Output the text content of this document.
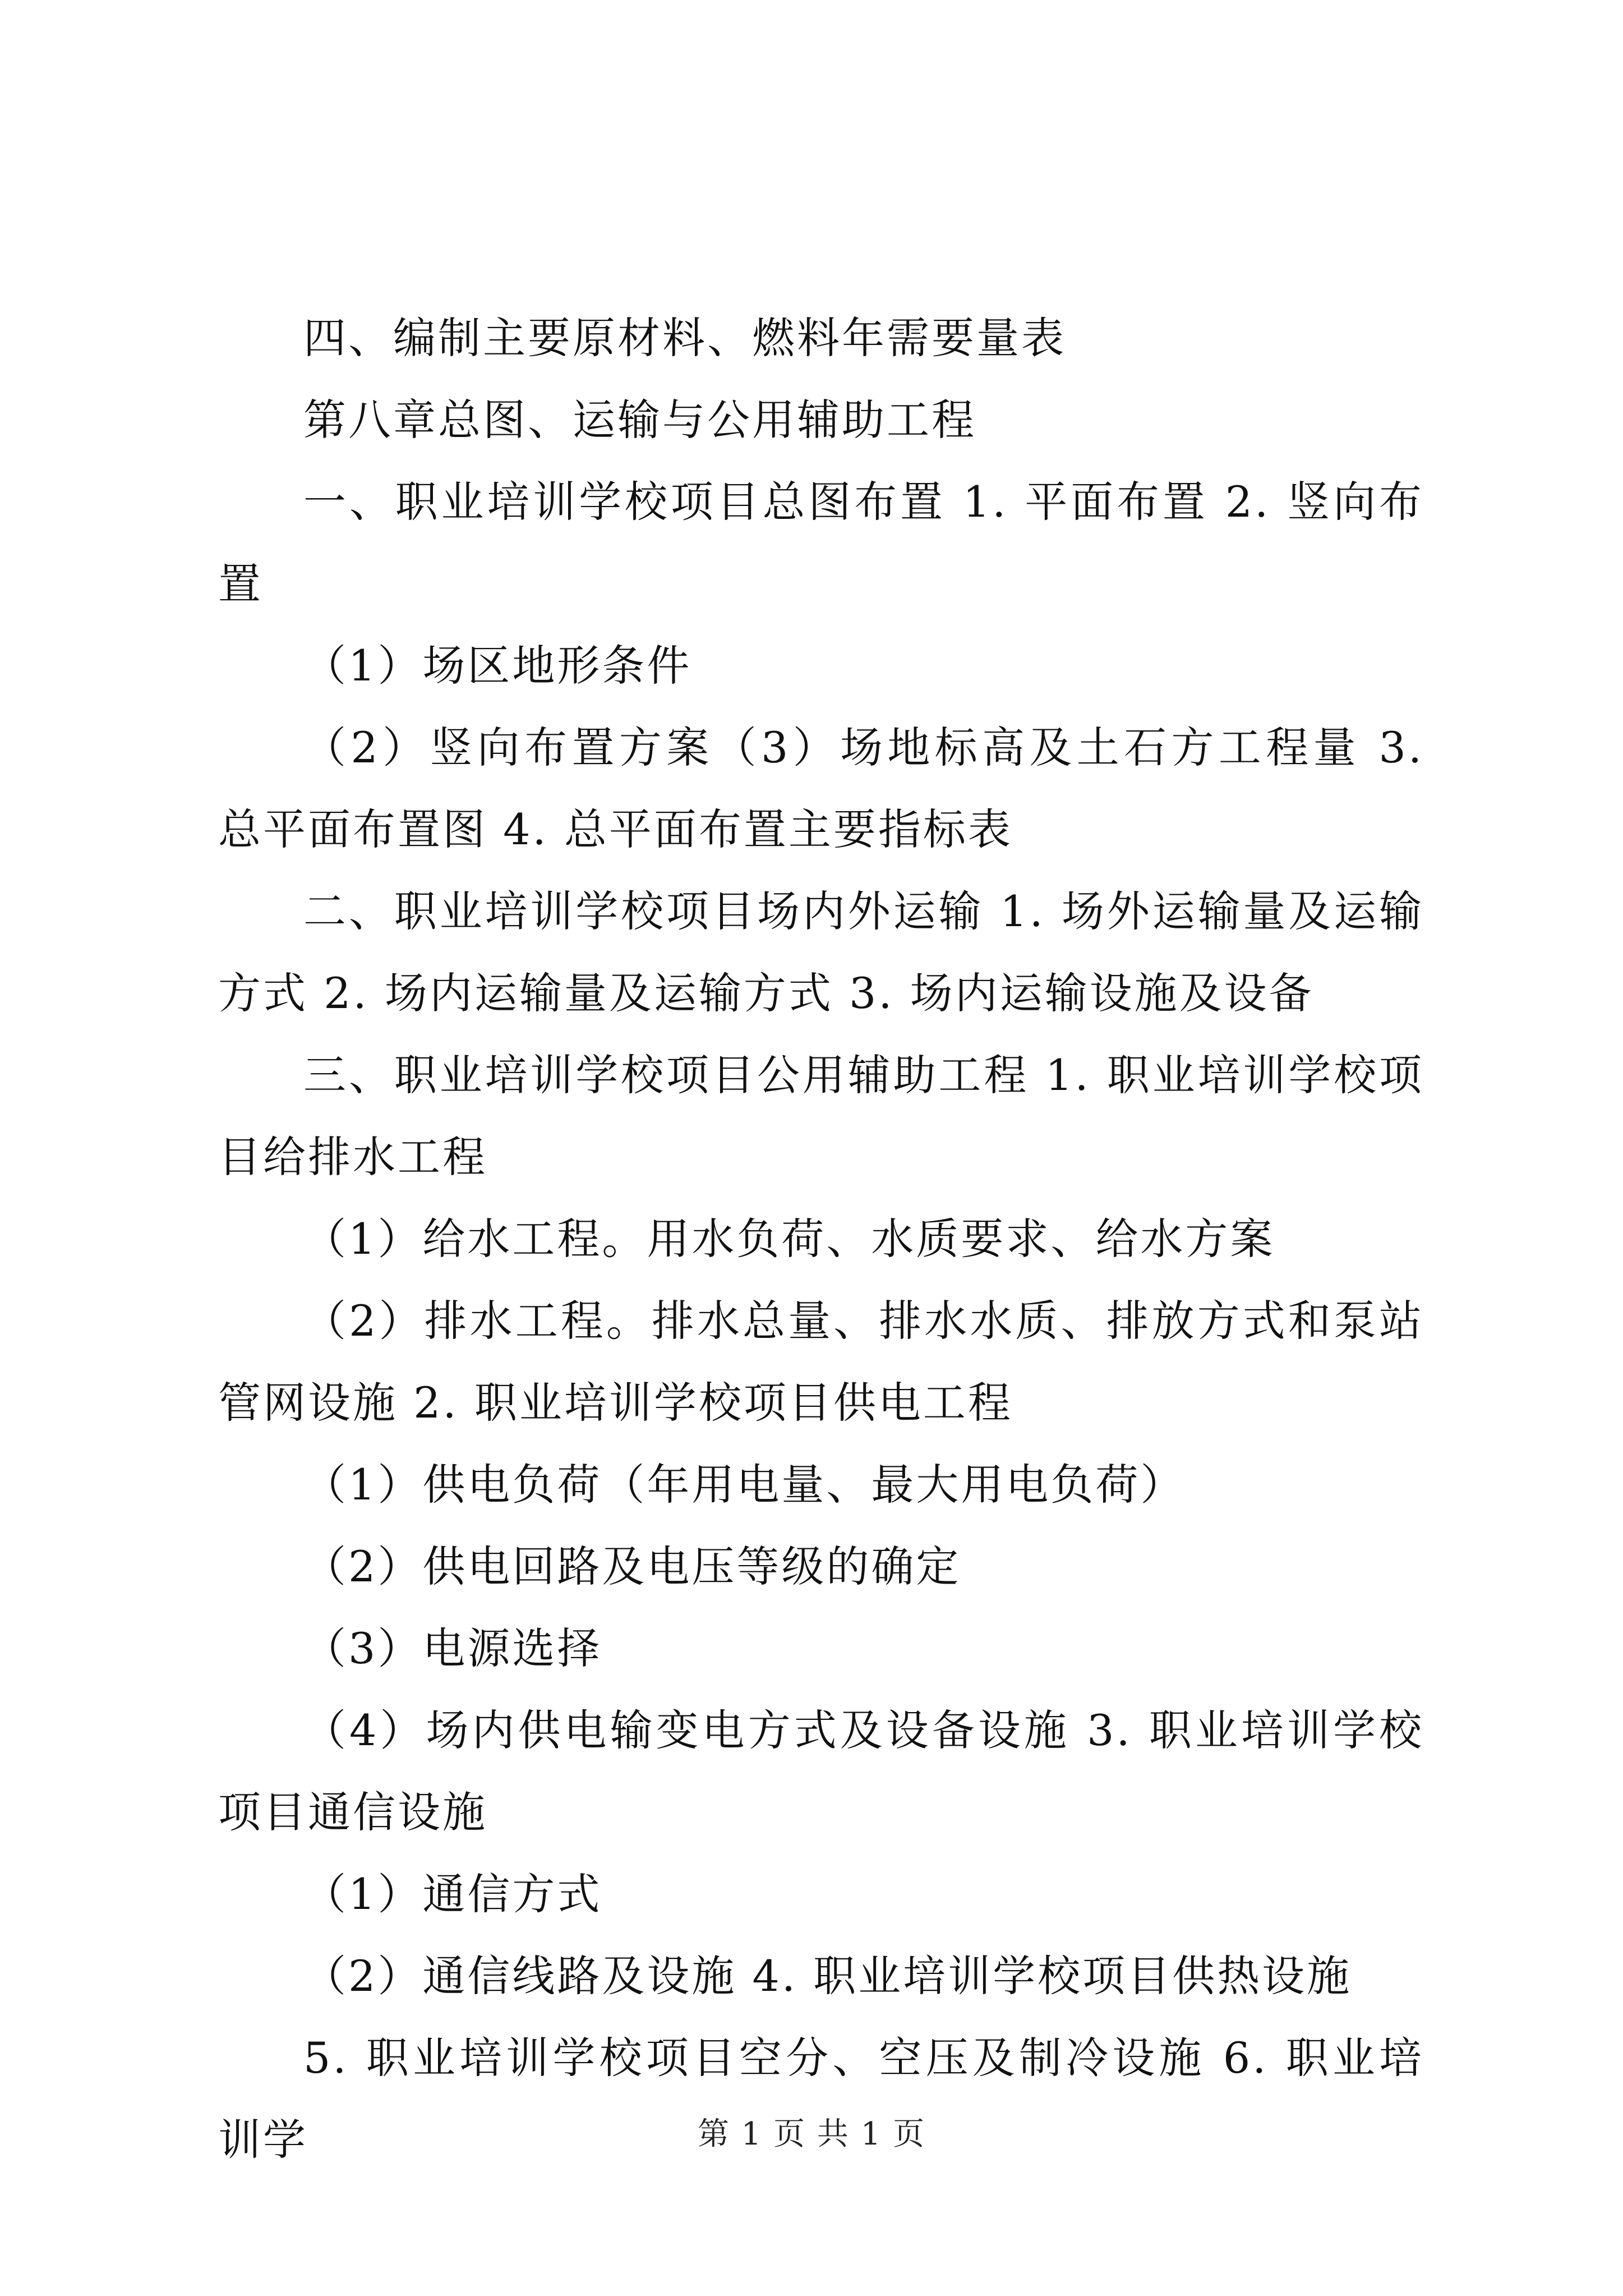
四、编制主要原材料、燃料年需要量表

第八章总图、运输与公用辅助工程

一、职业培训学校项目总图布置 1. 平面布置 2. 竖向布置

（1）场区地形条件

（2）竖向布置方案（3）场地标高及土石方工程量 3. 总平面布置图 4. 总平面布置主要指标表

二、职业培训学校项目场内外运输 1. 场外运输量及运输方式 2. 场内运输量及运输方式 3. 场内运输设施及设备

三、职业培训学校项目公用辅助工程 1. 职业培训学校项目给排水工程

（1）给水工程。用水负荷、水质要求、给水方案

（2）排水工程。排水总量、排水水质、排放方式和泵站管网设施 2. 职业培训学校项目供电工程

（1）供电负荷（年用电量、最大用电负荷）

（2）供电回路及电压等级的确定

（3）电源选择

（4）场内供电输变电方式及设备设施 3. 职业培训学校项目通信设施

（1）通信方式

（2）通信线路及设施 4. 职业培训学校项目供热设施

5. 职业培训学校项目空分、空压及制冷设施 6. 职业培训学	第 1 页 共 1 页
